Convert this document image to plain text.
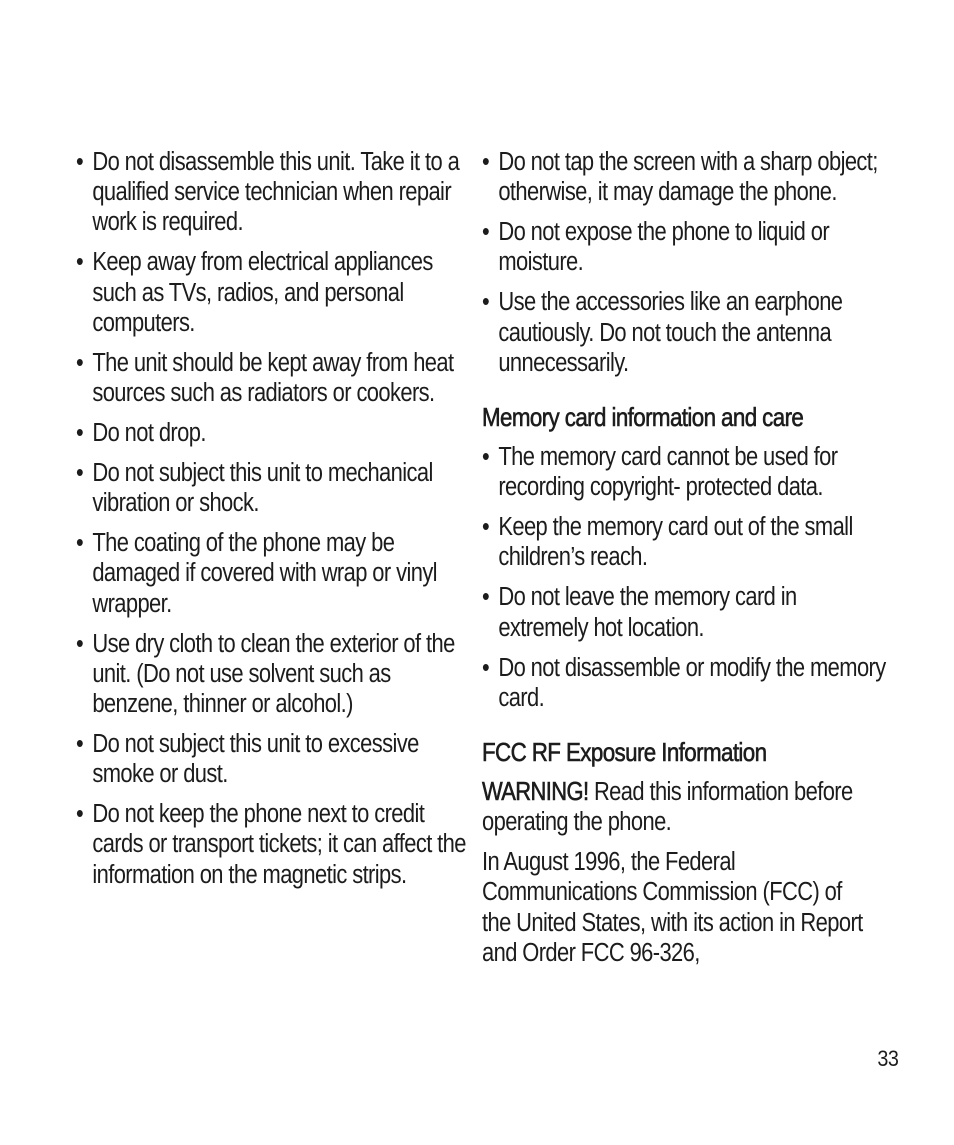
• Do not disassemble this unit. Take it to a qualified service technician when repair work is required.
• Keep away from electrical appliances such as TVs, radios, and personal computers.
• The unit should be kept away from heat sources such as radiators or cookers.
• Do not drop.
• Do not subject this unit to mechanical vibration or shock.
• The coating of the phone may be damaged if covered with wrap or vinyl wrapper.
• Use dry cloth to clean the exterior of the unit. (Do not use solvent such as benzene, thinner or alcohol.)
• Do not subject this unit to excessive smoke or dust.
• Do not keep the phone next to credit cards or transport tickets; it can affect the information on the magnetic strips.
• Do not tap the screen with a sharp object; otherwise, it may damage the phone.
• Do not expose the phone to liquid or moisture.
• Use the accessories like an earphone cautiously. Do not touch the antenna unnecessarily.
Memory card information and care
• The memory card cannot be used for recording copyright- protected data.
• Keep the memory card out of the small children’s reach.
• Do not leave the memory card in extremely hot location.
• Do not disassemble or modify the memory card.
FCC RF Exposure Information

WARNING! Read this information before operating the phone.

In August 1996, the Federal Communications Commission (FCC) of the United States, with its action in Report and Order FCC 96-326,

33
